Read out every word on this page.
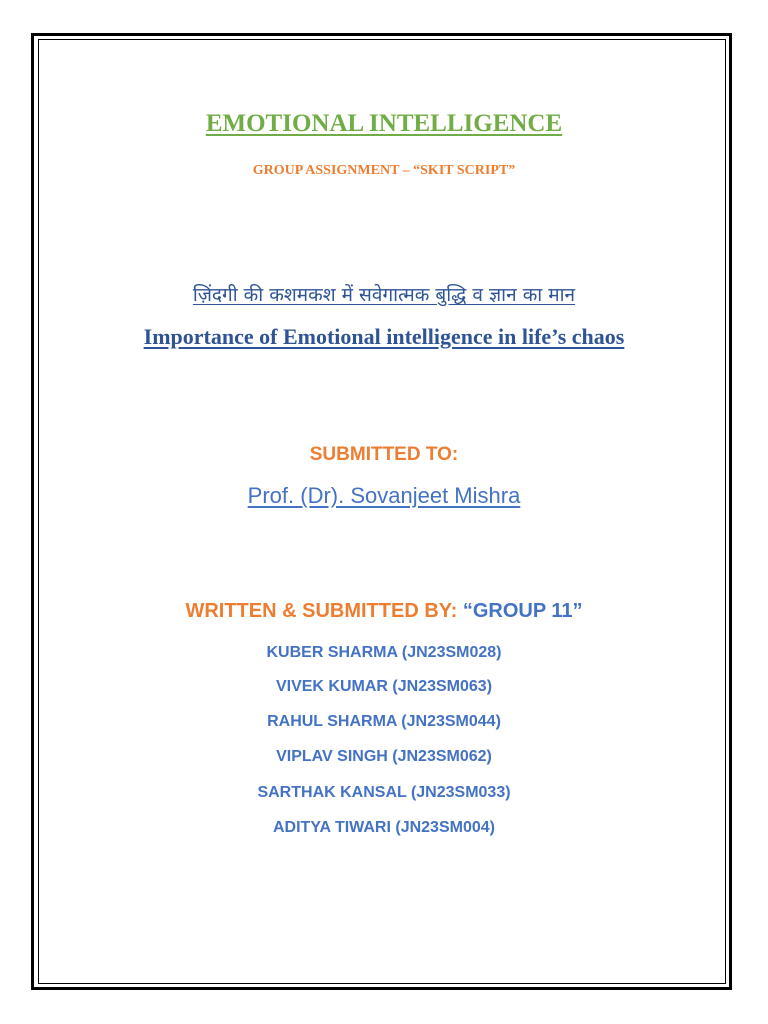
EMOTIONAL INTELLIGENCE
GROUP ASSIGNMENT – “SKIT SCRIPT”
ज़िंदगी की कशमकश में सवेगात्मक बुद्धि व ज्ञान का मान
Importance of Emotional intelligence in life’s chaos
SUBMITTED TO:
Prof. (Dr). Sovanjeet Mishra
WRITTEN & SUBMITTED BY: “GROUP 11”
KUBER SHARMA (JN23SM028)
VIVEK KUMAR (JN23SM063)
RAHUL SHARMA (JN23SM044)
VIPLAV SINGH (JN23SM062)
SARTHAK KANSAL (JN23SM033)
ADITYA TIWARI (JN23SM004)
